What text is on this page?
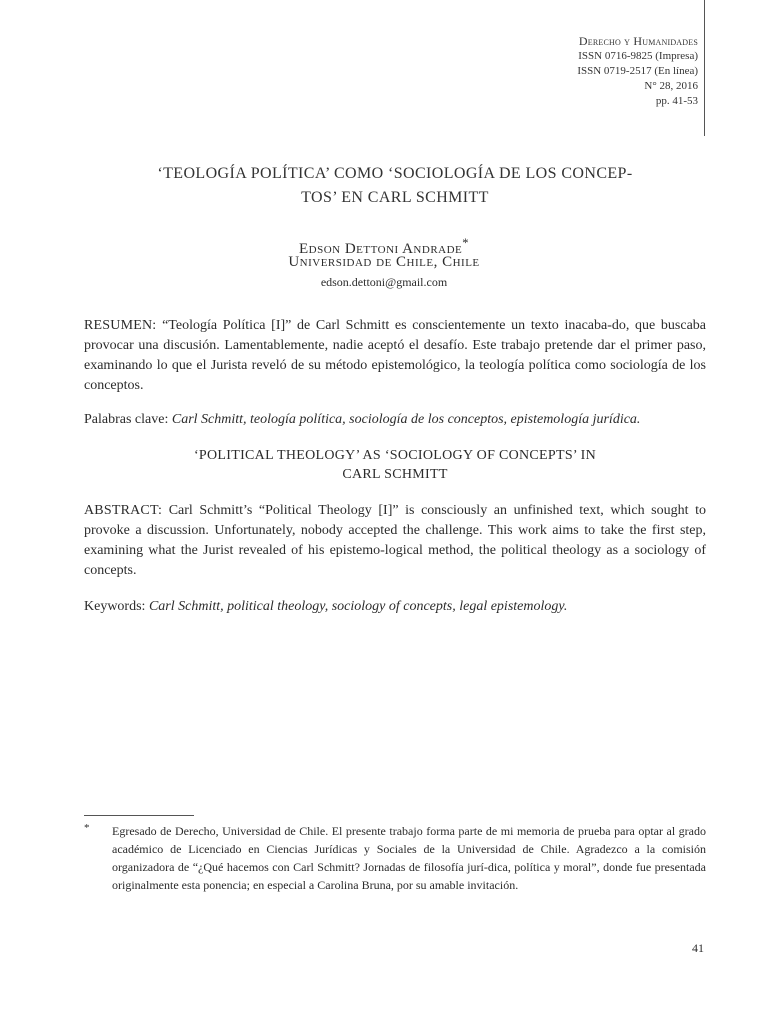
Derecho y Humanidades
ISSN 0716-9825 (Impresa)
ISSN 0719-2517 (En línea)
N° 28, 2016
pp. 41-53
‘TEOLOGÍA POLÍTICA’ COMO ‘SOCIOLOGÍA DE LOS CONCEP-
TOS’ EN CARL SCHMITT
Edson Dettoni Andrade*
Universidad de Chile, Chile
edson.dettoni@gmail.com
RESUMEN: “Teología Política [I]” de Carl Schmitt es conscientemente un texto inacaba-do, que buscaba provocar una discusión. Lamentablemente, nadie aceptó el desafío. Este trabajo pretende dar el primer paso, examinando lo que el Jurista reveló de su método epistemológico, la teología política como sociología de los conceptos.
Palabras clave: Carl Schmitt, teología política, sociología de los conceptos, epistemología jurídica.
‘POLITICAL THEOLOGY’ AS ‘SOCIOLOGY OF CONCEPTS’ IN
CARL SCHMITT
ABSTRACT: Carl Schmitt’s “Political Theology [I]” is consciously an unfinished text, which sought to provoke a discussion. Unfortunately, nobody accepted the challenge. This work aims to take the first step, examining what the Jurist revealed of his epistemo-logical method, the political theology as a sociology of concepts.
Keywords: Carl Schmitt, political theology, sociology of concepts, legal epistemology.
* Egresado de Derecho, Universidad de Chile. El presente trabajo forma parte de mi memoria de prueba para optar al grado académico de Licenciado en Ciencias Jurídicas y Sociales de la Universidad de Chile. Agradezco a la comisión organizadora de “¿Qué hacemos con Carl Schmitt? Jornadas de filosofía jurí-dica, política y moral”, donde fue presentada originalmente esta ponencia; en especial a Carolina Bruna, por su amable invitación.
41
